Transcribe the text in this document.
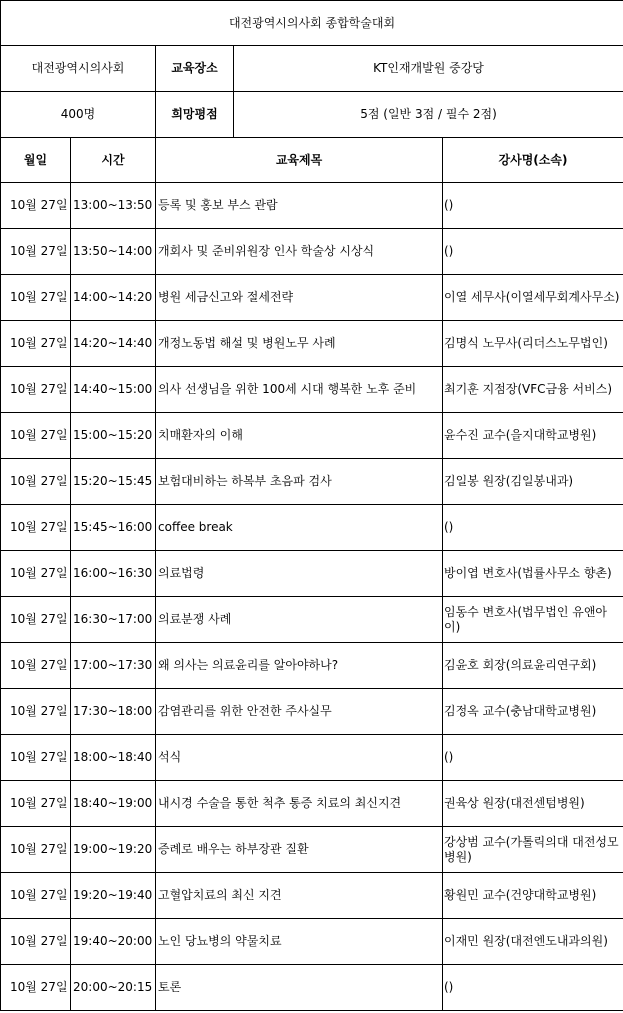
대전광역시의사회 종합학술대회				
대전광역시의사회		교육장소	KT인재개발원 중강당	
400명		희망평점	5점 (일반 3점 / 필수 2점)	
월일	시간	교육제목		강사명(소속)
10월 27일	13:00~13:50	등록 및 홍보 부스 관람		()
10월 27일	13:50~14:00	개회사 및 준비위원장 인사 학술상 시상식		()
10월 27일	14:00~14:20	병원 세금신고와 절세전략		이열 세무사(이열세무회계사무소)
10월 27일	14:20~14:40	개정노동법 해설 및 병원노무 사례		김명식 노무사(리더스노무법인)
10월 27일	14:40~15:00	의사 선생님을 위한 100세 시대 행복한 노후 준비		최기훈 지점장(VFC금융 서비스)
10월 27일	15:00~15:20	치매환자의 이해		윤수진 교수(을지대학교병원)
10월 27일	15:20~15:45	보험대비하는 하복부 초음파 검사		김일봉 원장(김일봉내과)
10월 27일	15:45~16:00	coffee break		()
10월 27일	16:00~16:30	의료법령		방이엽 변호사(법률사무소 향촌)
10월 27일	16:30~17:00	의료분쟁 사례		임동수 변호사(법무법인 유앤아이)
10월 27일	17:00~17:30	왜 의사는 의료윤리를 알아야하나?		김윤호 회장(의료윤리연구회)
10월 27일	17:30~18:00	감염관리를 위한 안전한 주사실무		김정옥 교수(충남대학교병원)
10월 27일	18:00~18:40	석식		()
10월 27일	18:40~19:00	내시경 수술을 통한 척추 통증 치료의 최신지견		권육상 원장(대전센텀병원)
10월 27일	19:00~19:20	증례로 배우는 하부장관 질환		강상범 교수(가톨릭의대 대전성모병원)
10월 27일	19:20~19:40	고혈압치료의 최신 지견		황원민 교수(건양대학교병원)
10월 27일	19:40~20:00	노인 당뇨병의 약물치료		이재민 원장(대전엔도내과의원)
10월 27일	20:00~20:15	토론		()
